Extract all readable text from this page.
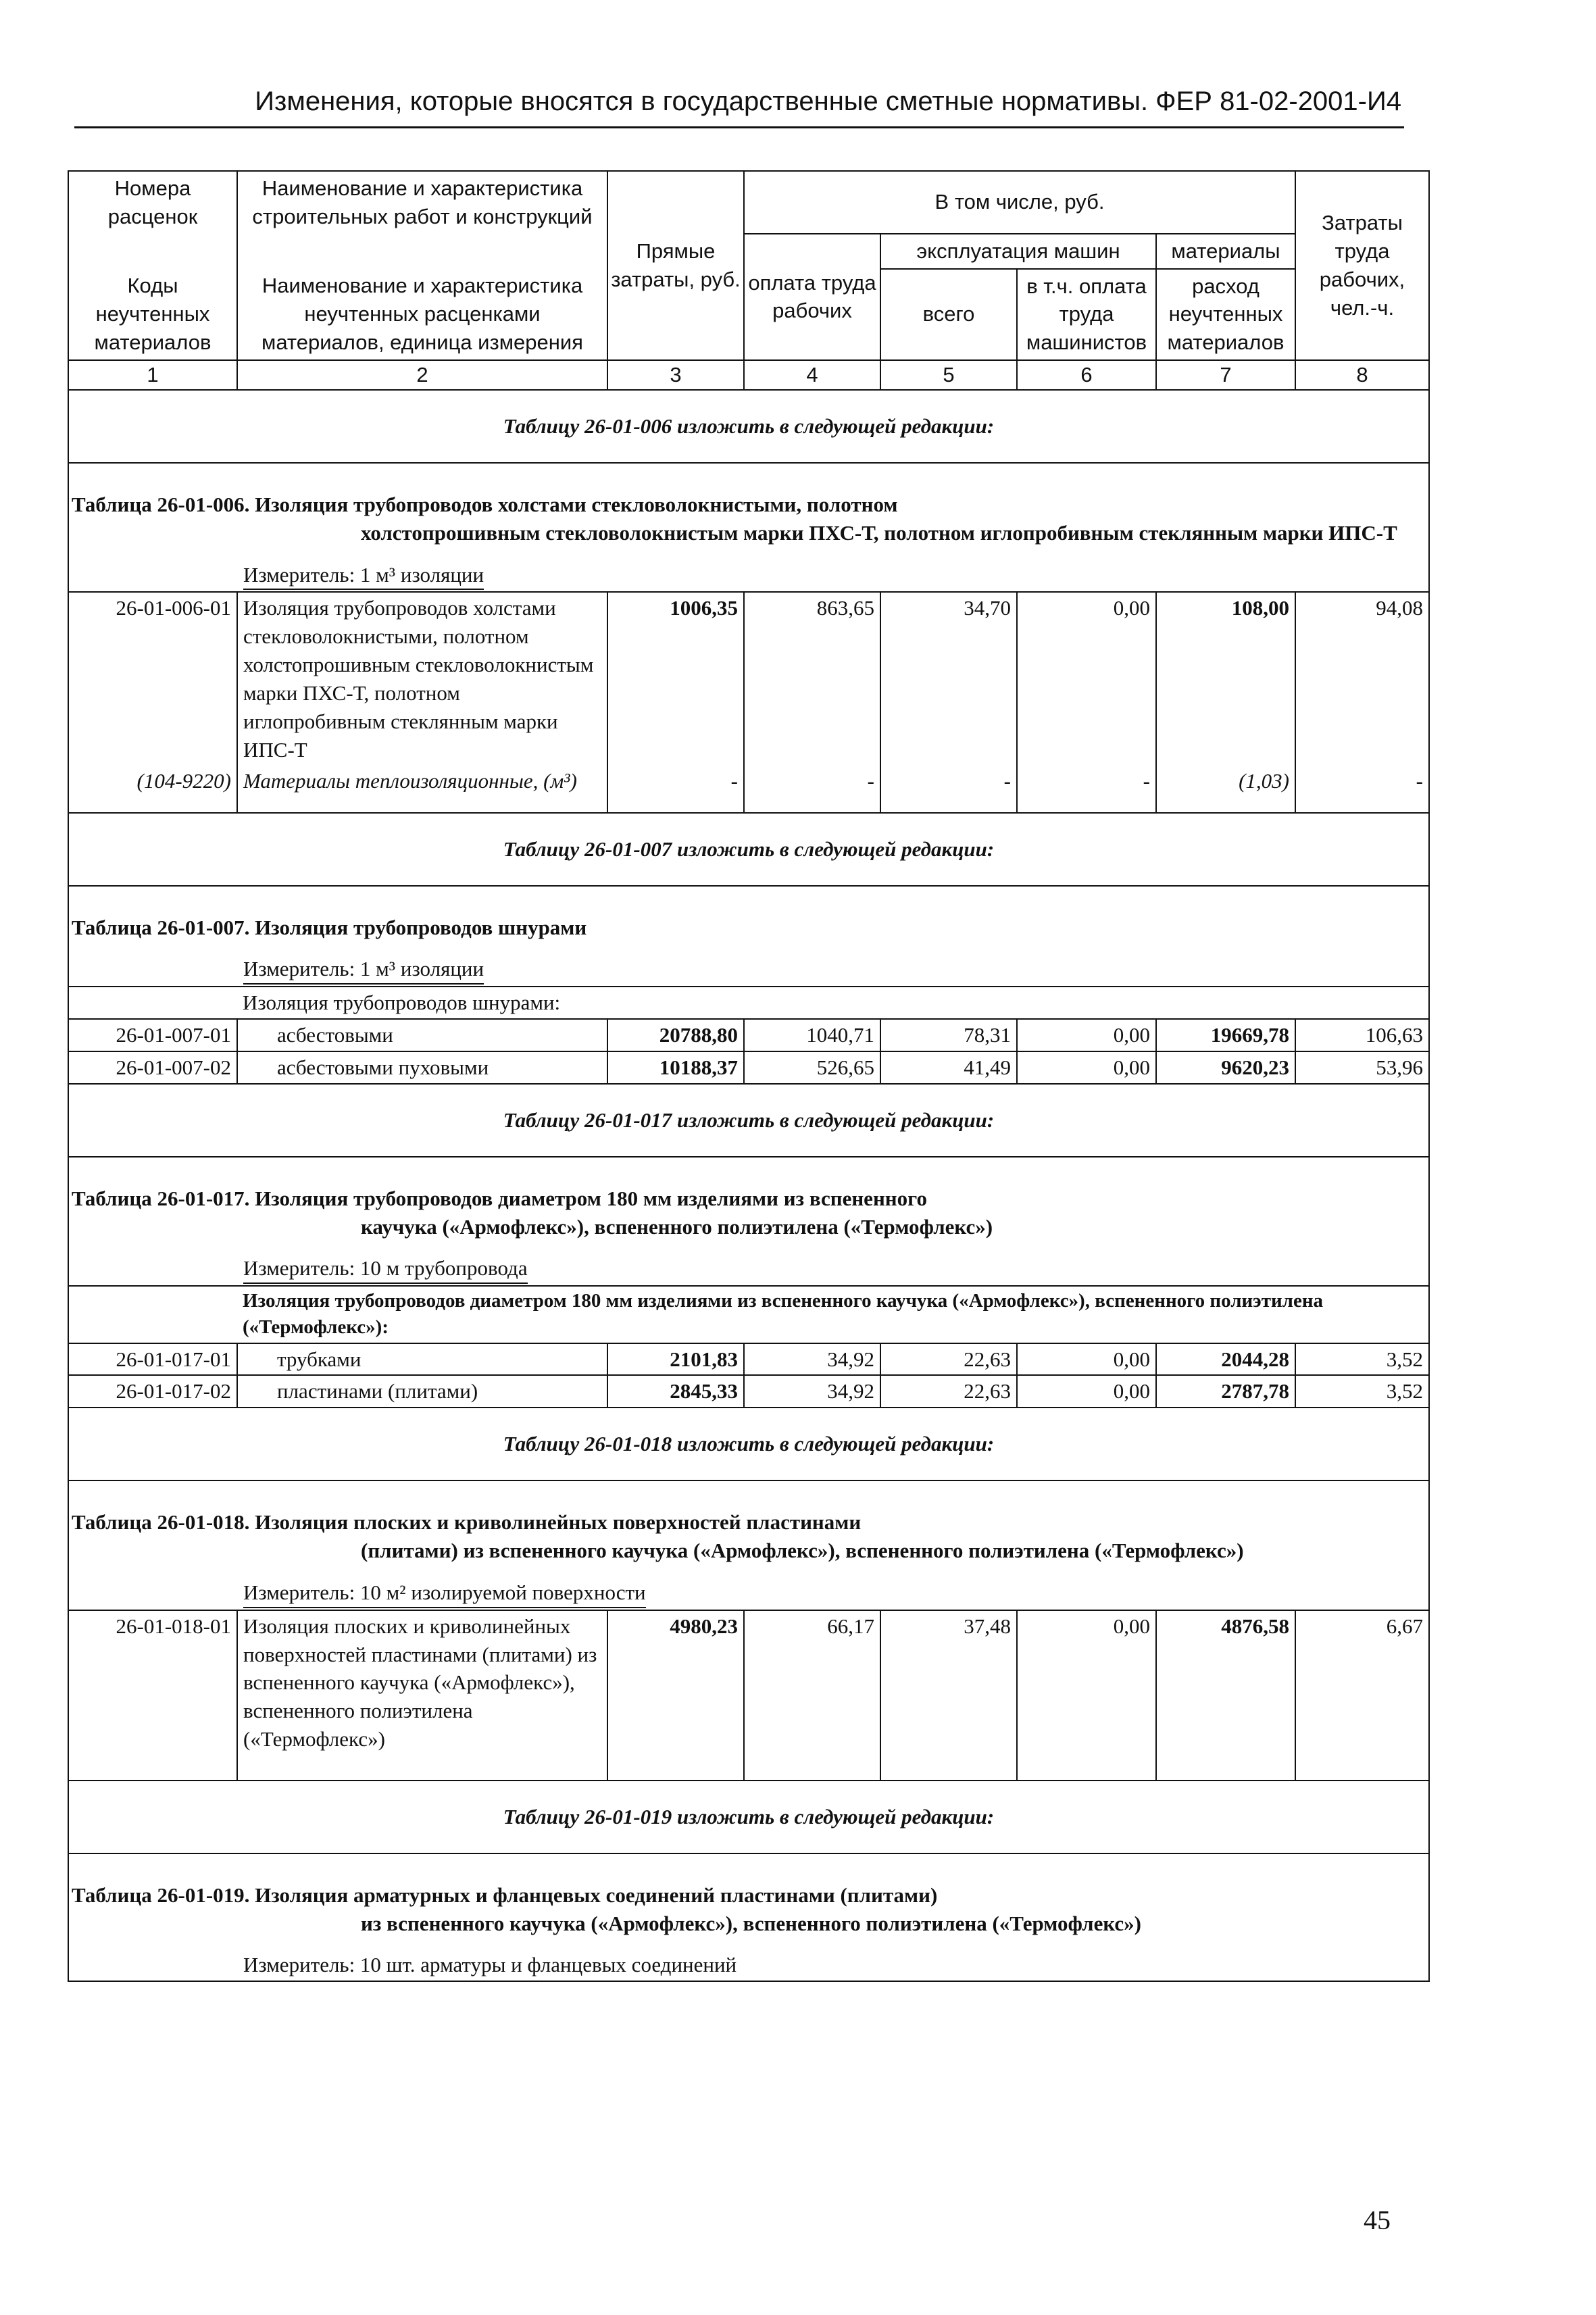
Изменения, которые вносятся в государственные сметные нормативы. ФЕР 81-02-2001-И4
Номера расценок	Наименование и характеристика строительных работ и конструкций	Прямые затраты, руб.	В том числе, руб.				Затраты труда рабочих, чел.-ч.
			оплата труда рабочих	эксплуатация машин		материалы	
Коды неучтенных материалов	Наименование и характеристика неучтенных расценками материалов, единица измерения			всего	в т.ч. оплата труда машинистов	расход неучтенных материалов	

1	2	3	4	5	6	7	8
Таблицу 26-01-006 изложить в следующей редакции:							
Таблица 26-01-006. Изоляция трубопроводов холстами стекловолокнистыми, полотном
холстопрошивным стекловолокнистым марки ПХС-Т, полотном иглопробивным стеклянным марки ИПС-Т							

Измеритель: 1 м³ изоляции							
26-01-006-01	Изоляция трубопроводов холстами стекловолокнистыми, полотном холстопрошивным стекловолокнистым марки ПХС-Т, полотном иглопробивным стеклянным марки ИПС-Т	1006,35	863,65	34,70	0,00	108,00	94,08
(104-9220)	Материалы теплоизоляционные, (м³)	-	-	-	-	(1,03)	-
Таблицу 26-01-007 изложить в следующей редакции:							
Таблица 26-01-007. Изоляция трубопроводов шнурами							
Измеритель: 1 м³ изоляции							
	Изоляция трубопроводов шнурами:						
26-01-007-01	асбестовыми	20788,80	1040,71	78,31	0,00	19669,78	106,63
26-01-007-02	асбестовыми пуховыми	10188,37	526,65	41,49	0,00	9620,23	53,96
Таблицу 26-01-017 изложить в следующей редакции:							
Таблица 26-01-017. Изоляция трубопроводов диаметром 180 мм изделиями из вспененного
каучука («Армофлекс»), вспененного полиэтилена («Термофлекс»)							

Измеритель: 10 м трубопровода							
	Изоляция трубопроводов диаметром 180 мм изделиями из вспененного каучука («Армофлекс»), вспененного полиэтилена («Термофлекс»):						
26-01-017-01	трубками	2101,83	34,92	22,63	0,00	2044,28	3,52
26-01-017-02	пластинами (плитами)	2845,33	34,92	22,63	0,00	2787,78	3,52
Таблицу 26-01-018 изложить в следующей редакции:							
Таблица 26-01-018. Изоляция плоских и криволинейных поверхностей пластинами
(плитами) из вспененного каучука («Армофлекс»), вспененного полиэтилена («Термофлекс»)							

Измеритель: 10 м² изолируемой поверхности							
26-01-018-01	Изоляция плоских и криволинейных поверхностей пластинами (плитами) из вспененного каучука («Армофлекс»), вспененного полиэтилена («Термофлекс»)	4980,23	66,17	37,48	0,00	4876,58	6,67
Таблицу 26-01-019 изложить в следующей редакции:							
Таблица 26-01-019. Изоляция арматурных и фланцевых соединений пластинами (плитами)
из вспененного каучука («Армофлекс»), вспененного полиэтилена («Термофлекс»)							

Измеритель: 10 шт. арматуры и фланцевых соединений							
45
